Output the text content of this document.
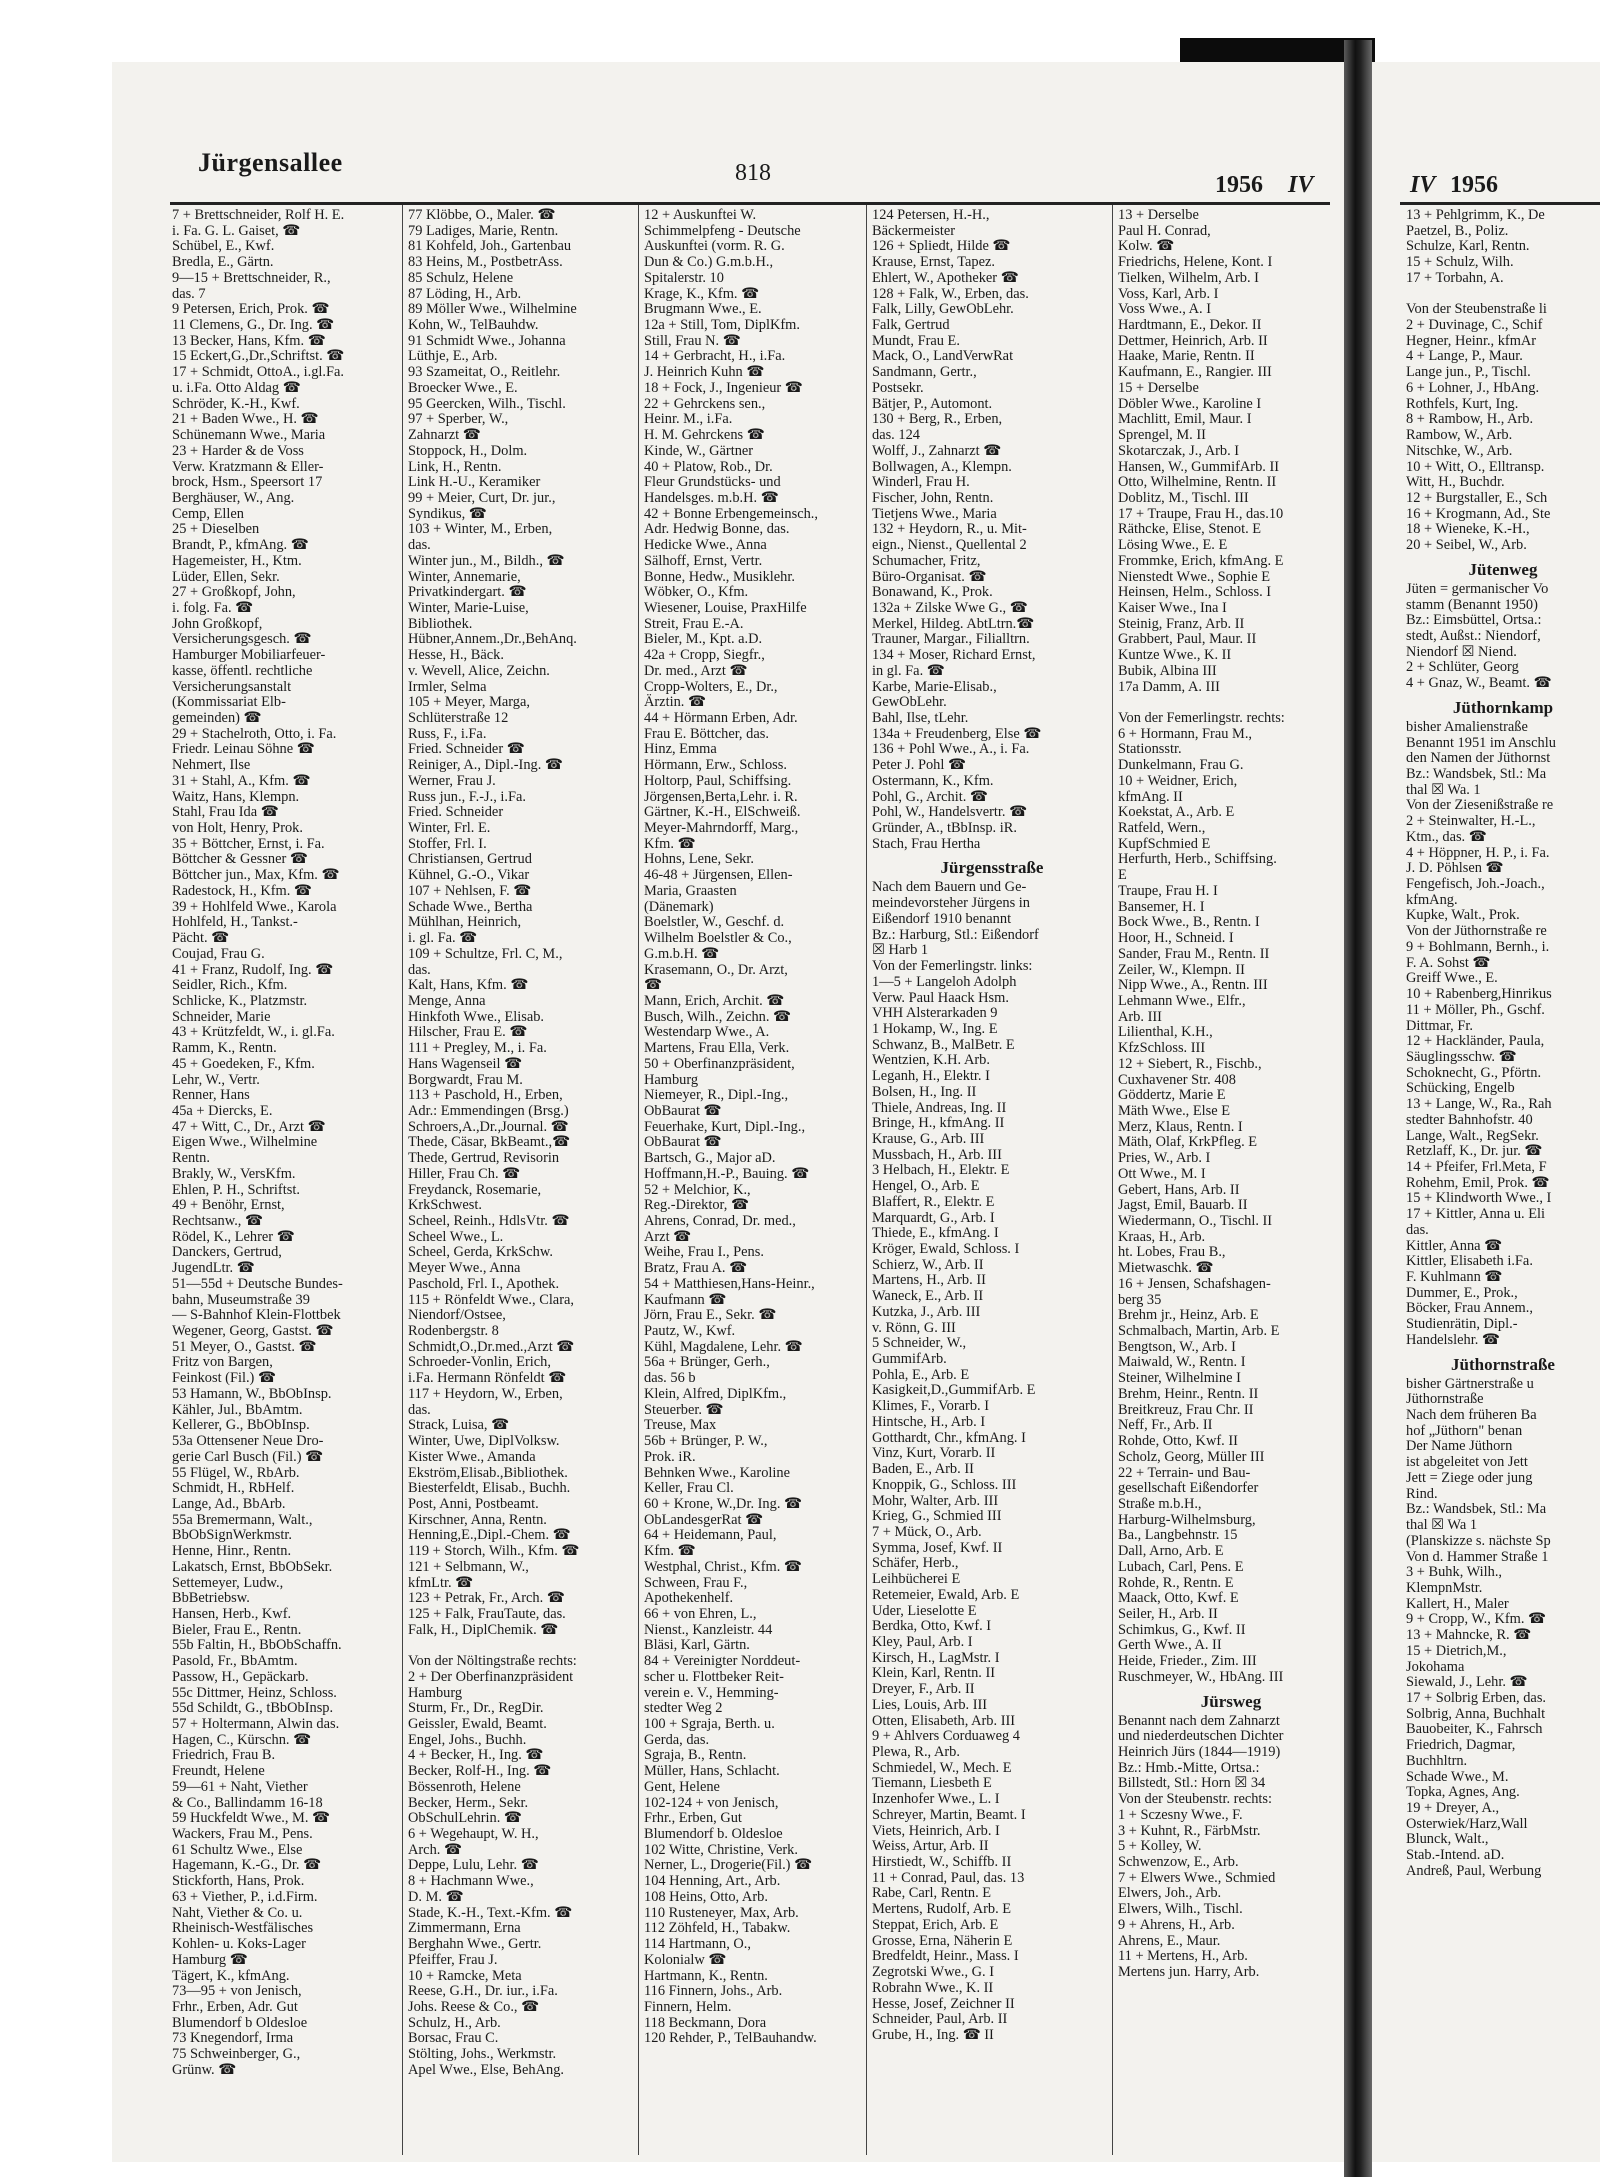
Jürgensallee	818	1956 IV	IV 1956
7 + Brettschneider, Rolf H. E.
i. Fa. G. L. Gaiset, ☎
Schübel, E., Kwf.
Bredla, E., Gärtn.
9—15 + Brettschneider, R.,
das. 7
9 Petersen, Erich, Prok. ☎
11 Clemens, G., Dr. Ing. ☎
13 Becker, Hans, Kfm. ☎
15 Eckert,G.,Dr.,Schriftst. ☎
17 + Schmidt, OttoA., i.gl.Fa.
u. i.Fa. Otto Aldag ☎
Schröder, K.-H., Kwf.
21 + Baden Wwe., H. ☎
Schünemann Wwe., Maria
23 + Harder & de Voss
Verw. Kratzmann & Eller-
brock, Hsm., Speersort 17
Berghäuser, W., Ang.
Cemp, Ellen
25 + Dieselben
Brandt, P., kfmAng. ☎
Hagemeister, H., Ktm.
Lüder, Ellen, Sekr.
27 + Großkopf, John,
i. folg. Fa. ☎
John Großkopf,
Versicherungsgesch. ☎
Hamburger Mobiliarfeuer-
kasse, öffentl. rechtliche
Versicherungsanstalt
(Kommissariat Elb-
gemeinden) ☎
29 + Stachelroth, Otto, i. Fa.
Friedr. Leinau Söhne ☎
Nehmert, Ilse
31 + Stahl, A., Kfm. ☎
Waitz, Hans, Klempn.
Stahl, Frau Ida ☎
von Holt, Henry, Prok.
35 + Böttcher, Ernst, i. Fa.
Böttcher & Gessner ☎
Böttcher jun., Max, Kfm. ☎
Radestock, H., Kfm. ☎
39 + Hohlfeld Wwe., Karola
Hohlfeld, H., Tankst.-
Pächt. ☎
Coujad, Frau G.
41 + Franz, Rudolf, Ing. ☎
Seidler, Rich., Kfm.
Schlicke, K., Platzmstr.
Schneider, Marie
43 + Krützfeldt, W., i. gl.Fa.
Ramm, K., Rentn.
45 + Goedeken, F., Kfm.
Lehr, W., Vertr.
Renner, Hans
45a + Diercks, E.
47 + Witt, C., Dr., Arzt ☎
Eigen Wwe., Wilhelmine
Rentn.
Brakly, W., VersKfm.
Ehlen, P. H., Schriftst.
49 + Benöhr, Ernst,
Rechtsanw., ☎
Rödel, K., Lehrer ☎
Danckers, Gertrud,
JugendLtr. ☎
51—55d + Deutsche Bundes-
bahn, Museumstraße 39
— S-Bahnhof Klein-Flottbek
Wegener, Georg, Gastst. ☎
51 Meyer, O., Gastst. ☎
Fritz von Bargen,
Feinkost (Fil.) ☎
53 Hamann, W., BbObInsp.
Kähler, Jul., BbAmtm.
Kellerer, G., BbObInsp.
53a Ottensener Neue Dro-
gerie Carl Busch (Fil.) ☎
55 Flügel, W., RbArb.
Schmidt, H., RbHelf.
Lange, Ad., BbArb.
55a Bremermann, Walt.,
BbObSignWerkmstr.
Henne, Hinr., Rentn.
Lakatsch, Ernst, BbObSekr.
Settemeyer, Ludw.,
BbBetriebsw.
Hansen, Herb., Kwf.
Bieler, Frau E., Rentn.
55b Faltin, H., BbObSchaffn.
Pasold, Fr., BbAmtm.
Passow, H., Gepäckarb.
55c Dittmer, Heinz, Schloss.
55d Schildt, G., tBbObInsp.
57 + Holtermann, Alwin das.
Hagen, C., Kürschn. ☎
Friedrich, Frau B.
Freundt, Helene
59—61 + Naht, Viether
& Co., Ballindamm 16-18
59 Huckfeldt Wwe., M. ☎
Wackers, Frau M., Pens.
61 Schultz Wwe., Else
Hagemann, K.-G., Dr. ☎
Stickforth, Hans, Prok.
63 + Viether, P., i.d.Firm.
Naht, Viether & Co. u.
Rheinisch-Westfälisches
Kohlen- u. Koks-Lager
Hamburg ☎
Tägert, K., kfmAng.
73—95 + von Jenisch,
Frhr., Erben, Adr. Gut
Blumendorf b Oldesloe
73 Knegendorf, Irma
75 Schweinberger, G.,
Grünw. ☎
77 Klöbbe, O., Maler. ☎
79 Ladiges, Marie, Rentn.
81 Kohfeld, Joh., Gartenbau
83 Heins, M., PostbetrAss.
85 Schulz, Helene
87 Löding, H., Arb.
89 Möller Wwe., Wilhelmine
Kohn, W., TelBauhdw.
91 Schmidt Wwe., Johanna
Lüthje, E., Arb.
93 Szameitat, O., Reitlehr.
Broecker Wwe., E.
95 Geercken, Wilh., Tischl.
97 + Sperber, W.,
Zahnarzt ☎
Stoppock, H., Dolm.
Link, H., Rentn.
Link H.-U., Keramiker
99 + Meier, Curt, Dr. jur.,
Syndikus, ☎
103 + Winter, M., Erben,
das.
Winter jun., M., Bildh., ☎
Winter, Annemarie,
Privatkindergart. ☎
Winter, Marie-Luise,
Bibliothek.
Hübner,Annem.,Dr.,BehAnq.
Hesse, H., Bäck.
v. Wevell, Alice, Zeichn.
Irmler, Selma
105 + Meyer, Marga,
Schlüterstraße 12
Russ, F., i.Fa.
Fried. Schneider ☎
Reiniger, A., Dipl.-Ing. ☎
Werner, Frau J.
Russ jun., F.-J., i.Fa.
Fried. Schneider
Winter, Frl. E.
Stoffer, Frl. I.
Christiansen, Gertrud
Kühnel, G.-O., Vikar
107 + Nehlsen, F. ☎
Schade Wwe., Bertha
Mühlhan, Heinrich,
i. gl. Fa. ☎
109 + Schultze, Frl. C, M.,
das.
Kalt, Hans, Kfm. ☎
Menge, Anna
Hinkfoth Wwe., Elisab.
Hilscher, Frau E. ☎
111 + Pregley, M., i. Fa.
Hans Wagenseil ☎
Borgwardt, Frau M.
113 + Paschold, H., Erben,
Adr.: Emmendingen (Brsg.)
Schroers,A.,Dr.,Journal. ☎
Thede, Cäsar, BkBeamt.,☎
Thede, Gertrud, Revisorin
Hiller, Frau Ch. ☎
Freydanck, Rosemarie,
KrkSchwest.
Scheel, Reinh., HdlsVtr. ☎
Scheel Wwe., L.
Scheel, Gerda, KrkSchw.
Meyer Wwe., Anna
Paschold, Frl. I., Apothek.
115 + Rönfeldt Wwe., Clara,
Niendorf/Ostsee,
Rodenbergstr. 8
Schmidt,O.,Dr.med.,Arzt ☎
Schroeder-Vonlin, Erich,
i.Fa. Hermann Rönfeldt ☎
117 + Heydorn, W., Erben,
das.
Strack, Luisa, ☎
Winter, Uwe, DiplVolksw.
Kister Wwe., Amanda
Ekström,Elisab.,Bibliothek.
Biesterfeldt, Elisab., Buchh.
Post, Anni, Postbeamt.
Kirschner, Anna, Rentn.
Henning,E.,Dipl.-Chem. ☎
119 + Storch, Wilh., Kfm. ☎
121 + Selbmann, W.,
kfmLtr. ☎
123 + Petrak, Fr., Arch. ☎
125 + Falk, FrauTaute, das.
Falk, H., DiplChemik. ☎
Von der Nöltingstraße rechts:
2 + Der Oberfinanzpräsident
Hamburg
Sturm, Fr., Dr., RegDir.
Geissler, Ewald, Beamt.
Engel, Johs., Buchh.
4 + Becker, H., Ing. ☎
Becker, Rolf-H., Ing. ☎
Bössenroth, Helene
Becker, Herm., Sekr.
ObSchulLehrin. ☎
6 + Wegehaupt, W. H.,
Arch. ☎
Deppe, Lulu, Lehr. ☎
8 + Hachmann Wwe.,
D. M. ☎
Stade, K.-H., Text.-Kfm. ☎
Zimmermann, Erna
Berghahn Wwe., Gertr.
Pfeiffer, Frau J.
10 + Ramcke, Meta
Reese, G.H., Dr. iur., i.Fa.
Johs. Reese & Co., ☎
Schulz, H., Arb.
Borsac, Frau C.
Stölting, Johs., Werkmstr.
Apel Wwe., Else, BehAng.
12 + Auskunftei W.
Schimmelpfeng - Deutsche
Auskunftei (vorm. R. G.
Dun & Co.) G.m.b.H.,
Spitalerstr. 10
Krage, K., Kfm. ☎
Brugmann Wwe., E.
12a + Still, Tom, DiplKfm.
Still, Frau N. ☎
14 + Gerbracht, H., i.Fa.
J. Heinrich Kuhn ☎
18 + Fock, J., Ingenieur ☎
22 + Gehrckens sen.,
Heinr. M., i.Fa.
H. M. Gehrckens ☎
Kinde, W., Gärtner
40 + Platow, Rob., Dr.
Fleur Grundstücks- und
Handelsges. m.b.H. ☎
42 + Bonne Erbengemeinsch.,
Adr. Hedwig Bonne, das.
Hedicke Wwe., Anna
Sälhoff, Ernst, Vertr.
Bonne, Hedw., Musiklehr.
Wöbker, O., Kfm.
Wiesener, Louise, PraxHilfe
Streit, Frau E.-A.
Bieler, M., Kpt. a.D.
42a + Cropp, Siegfr.,
Dr. med., Arzt ☎
Cropp-Wolters, E., Dr.,
Ärztin. ☎
44 + Hörmann Erben, Adr.
Frau E. Böttcher, das.
Hinz, Emma
Hörmann, Erw., Schloss.
Holtorp, Paul, Schiffsing.
Jörgensen,Berta,Lehr. i. R.
Gärtner, K.-H., ElSchweiß.
Meyer-Mahrndorff, Marg.,
Kfm. ☎
Hohns, Lene, Sekr.
46-48 + Jürgensen, Ellen-
Maria, Graasten
(Dänemark)
Boelstler, W., Geschf. d.
Wilhelm Boelstler & Co.,
G.m.b.H. ☎
Krasemann, O., Dr. Arzt,
☎
Mann, Erich, Archit. ☎
Busch, Wilh., Zeichn. ☎
Westendarp Wwe., A.
Martens, Frau Ella, Verk.
50 + Oberfinanzpräsident,
Hamburg
Niemeyer, R., Dipl.-Ing.,
ObBaurat ☎
Feuerhake, Kurt, Dipl.-Ing.,
ObBaurat ☎
Bartsch, G., Major aD.
Hoffmann,H.-P., Bauing. ☎
52 + Melchior, K.,
Reg.-Direktor, ☎
Ahrens, Conrad, Dr. med.,
Arzt ☎
Weihe, Frau I., Pens.
Bratz, Frau A. ☎
54 + Matthiesen,Hans-Heinr.,
Kaufmann ☎
Jörn, Frau E., Sekr. ☎
Pautz, W., Kwf.
Kühl, Magdalene, Lehr. ☎
56a + Brünger, Gerh.,
das. 56 b
Klein, Alfred, DiplKfm.,
Steuerber. ☎
Treuse, Max
56b + Brünger, P. W.,
Prok. iR.
Behnken Wwe., Karoline
Keller, Frau Cl.
60 + Krone, W.,Dr. Ing. ☎
ObLandesgerRat ☎
64 + Heidemann, Paul,
Kfm. ☎
Westphal, Christ., Kfm. ☎
Schween, Frau F.,
Apothekenhelf.
66 + von Ehren, L.,
Nienst., Kanzleistr. 44
Bläsi, Karl, Gärtn.
84 + Vereinigter Norddeut-
scher u. Flottbeker Reit-
verein e. V., Hemming-
stedter Weg 2
100 + Sgraja, Berth. u.
Gerda, das.
Sgraja, B., Rentn.
Müller, Hans, Schlacht.
Gent, Helene
102-124 + von Jenisch,
Frhr., Erben, Gut
Blumendorf b. Oldesloe
102 Witte, Christine, Verk.
Nerner, L., Drogerie(Fil.) ☎
104 Henning, Art., Arb.
108 Heins, Otto, Arb.
110 Rusteneyer, Max, Arb.
112 Zöhfeld, H., Tabakw.
114 Hartmann, O.,
Kolonialw ☎
Hartmann, K., Rentn.
116 Finnern, Johs., Arb.
Finnern, Helm.
118 Beckmann, Dora
120 Rehder, P., TelBauhandw.
124 Petersen, H.-H.,
Bäckermeister
126 + Spliedt, Hilde ☎
Krause, Ernst, Tapez.
Ehlert, W., Apotheker ☎
128 + Falk, W., Erben, das.
Falk, Lilly, GewObLehr.
Falk, Gertrud
Mundt, Frau E.
Mack, O., LandVerwRat
Sandmann, Gertr.,
Postsekr.
Bätjer, P., Automont.
130 + Berg, R., Erben,
das. 124
Wolff, J., Zahnarzt ☎
Bollwagen, A., Klempn.
Winderl, Frau H.
Fischer, John, Rentn.
Tietjens Wwe., Maria
132 + Heydorn, R., u. Mit-
eign., Nienst., Quellental 2
Schumacher, Fritz,
Büro-Organisat. ☎
Bonawand, K., Prok.
132a + Zilske Wwe G., ☎
Merkel, Hildeg. AbtLtrn.☎
Trauner, Margar., Filialltrn.
134 + Moser, Richard Ernst,
in gl. Fa. ☎
Karbe, Marie-Elisab.,
GewObLehr.
Bahl, Ilse, tLehr.
134a + Freudenberg, Else ☎
136 + Pohl Wwe., A., i. Fa.
Peter J. Pohl ☎
Ostermann, K., Kfm.
Pohl, G., Archit. ☎
Pohl, W., Handelsvertr. ☎
Gründer, A., tBbInsp. iR.
Stach, Frau Hertha
Jürgensstraße
Nach dem Bauern und Ge-
meindevorsteher Jürgens in
Eißendorf 1910 benannt
Bz.: Harburg, Stl.: Eißendorf
☒ Harb 1
Von der Femerlingstr. links:
1—5 + Langeloh Adolph
Verw. Paul Haack Hsm.
VHH Alsterarkaden 9
1 Hokamp, W., Ing. E
Schwanz, B., MalBetr. E
Wentzien, K.H. Arb.
Leganh, H., Elektr. I
Bolsen, H., Ing. II
Thiele, Andreas, Ing. II
Bringe, H., kfmAng. II
Krause, G., Arb. III
Mussbach, H., Arb. III
3 Helbach, H., Elektr. E
Hengel, O., Arb. E
Blaffert, R., Elektr. E
Marquardt, G., Arb. I
Thiede, E., kfmAng. I
Kröger, Ewald, Schloss. I
Schierz, W., Arb. II
Martens, H., Arb. II
Waneck, E., Arb. II
Kutzka, J., Arb. III
v. Rönn, G. III
5 Schneider, W.,
GummifArb.
Pohla, E., Arb. E
Kasigkeit,D.,GummifArb. E
Klimes, F., Vorarb. I
Hintsche, H., Arb. I
Gotthardt, Chr., kfmAng. I
Vinz, Kurt, Vorarb. II
Baden, E., Arb. II
Knoppik, G., Schloss. III
Mohr, Walter, Arb. III
Krieg, G., Schmied III
7 + Mück, O., Arb.
Symma, Josef, Kwf. II
Schäfer, Herb.,
Leihbücherei E
Retemeier, Ewald, Arb. E
Uder, Lieselotte E
Berdka, Otto, Kwf. I
Kley, Paul, Arb. I
Kirsch, H., LagMstr. I
Klein, Karl, Rentn. II
Dreyer, F., Arb. II
Lies, Louis, Arb. III
Otten, Elisabeth, Arb. III
9 + Ahlvers Corduaweg 4
Plewa, R., Arb.
Schmiedel, W., Mech. E
Tiemann, Liesbeth E
Inzenhofer Wwe., L. I
Schreyer, Martin, Beamt. I
Viets, Heinrich, Arb. I
Weiss, Artur, Arb. II
Hirstiedt, W., Schiffb. II
11 + Conrad, Paul, das. 13
Rabe, Carl, Rentn. E
Mertens, Rudolf, Arb. E
Steppat, Erich, Arb. E
Grosse, Erna, Näherin E
Bredfeldt, Heinr., Mass. I
Zegrotski Wwe., G. I
Robrahn Wwe., K. II
Hesse, Josef, Zeichner II
Schneider, Paul, Arb. II
Grube, H., Ing. ☎ II
13 + Derselbe
Paul H. Conrad,
Kolw. ☎
Friedrichs, Helene, Kont. I
Tielken, Wilhelm, Arb. I
Voss, Karl, Arb. I
Voss Wwe., A. I
Hardtmann, E., Dekor. II
Dettmer, Heinrich, Arb. II
Haake, Marie, Rentn. II
Kaufmann, E., Rangier. III
15 + Derselbe
Döbler Wwe., Karoline I
Machlitt, Emil, Maur. I
Sprengel, M. II
Skotarczak, J., Arb. I
Hansen, W., GummifArb. II
Otto, Wilhelmine, Rentn. II
Doblitz, M., Tischl. III
17 + Traupe, Frau H., das.10
Räthcke, Elise, Stenot. E
Lösing Wwe., E. E
Frommke, Erich, kfmAng. E
Nienstedt Wwe., Sophie E
Heinsen, Helm., Schloss. I
Kaiser Wwe., Ina I
Steinig, Franz, Arb. II
Grabbert, Paul, Maur. II
Kuntze Wwe., K. II
Bubik, Albina III
17a Damm, A. III
Von der Femerlingstr. rechts:
6 + Hormann, Frau M.,
Stationsstr.
Dunkelmann, Frau G.
10 + Weidner, Erich,
kfmAng. II
Koekstat, A., Arb. E
Ratfeld, Wern.,
KupfSchmied E
Herfurth, Herb., Schiffsing.
E
Traupe, Frau H. I
Bansemer, H. I
Bock Wwe., B., Rentn. I
Hoor, H., Schneid. I
Sander, Frau M., Rentn. II
Zeiler, W., Klempn. II
Nipp Wwe., A., Rentn. III
Lehmann Wwe., Elfr.,
Arb. III
Lilienthal, K.H.,
KfzSchloss. III
12 + Siebert, R., Fischb.,
Cuxhavener Str. 408
Göddertz, Marie E
Mäth Wwe., Else E
Merz, Klaus, Rentn. I
Mäth, Olaf, KrkPfleg. E
Pries, W., Arb. I
Ott Wwe., M. I
Gebert, Hans, Arb. II
Jagst, Emil, Bauarb. II
Wiedermann, O., Tischl. II
Kraas, H., Arb.
ht. Lobes, Frau B.,
Mietwaschk. ☎
16 + Jensen, Schafshagen-
berg 35
Brehm jr., Heinz, Arb. E
Schmalbach, Martin, Arb. E
Bengtson, W., Arb. I
Maiwald, W., Rentn. I
Steiner, Wilhelmine I
Brehm, Heinr., Rentn. II
Breitkreuz, Frau Chr. II
Neff, Fr., Arb. II
Rohde, Otto, Kwf. II
Scholz, Georg, Müller III
22 + Terrain- und Bau-
gesellschaft Eißendorfer
Straße m.b.H.,
Harburg-Wilhelmsburg,
Ba., Langbehnstr. 15
Dall, Arno, Arb. E
Lubach, Carl, Pens. E
Rohde, R., Rentn. E
Maack, Otto, Kwf. E
Seiler, H., Arb. II
Schimkus, G., Kwf. II
Gerth Wwe., A. II
Heide, Frieder., Zim. III
Ruschmeyer, W., HbAng. III
Jürsweg
Benannt nach dem Zahnarzt
und niederdeutschen Dichter
Heinrich Jürs (1844—1919)
Bz.: Hmb.-Mitte, Ortsa.:
Billstedt, Stl.: Horn ☒ 34
Von der Steubenstr. rechts:
1 + Sczesny Wwe., F.
3 + Kuhnt, R., FärbMstr.
5 + Kolley, W.
Schwenzow, E., Arb.
7 + Elwers Wwe., Schmied
Elwers, Joh., Arb.
Elwers, Wilh., Tischl.
9 + Ahrens, H., Arb.
Ahrens, E., Maur.
11 + Mertens, H., Arb.
Mertens jun. Harry, Arb.
13 + Pehlgrimm, K., De
Paetzel, B., Poliz.
Schulze, Karl, Rentn.
15 + Schulz, Wilh.
17 + Torbahn, A.
Von der Steubenstraße li
2 + Duvinage, C., Schif
Hegner, Heinr., kfmAr
4 + Lange, P., Maur.
Lange jun., P., Tischl.
6 + Lohner, J., HbAng.
Rothfels, Kurt, Ing.
8 + Rambow, H., Arb.
Rambow, W., Arb.
Nitschke, W., Arb.
10 + Witt, O., Elltransp.
Witt, H., Buchdr.
12 + Burgstaller, E., Sch
16 + Krogmann, Ad., Ste
18 + Wieneke, K.-H.,
20 + Seibel, W., Arb.
Jütenweg
Jüten = germanischer Vo
stamm (Benannt 1950)
Bz.: Eimsbüttel, Ortsa.:
stedt, Außst.: Niendorf,
Niendorf ☒ Niend.
2 + Schlüter, Georg
4 + Gnaz, W., Beamt. ☎
Jüthornkamp
bisher Amalienstraße
Benannt 1951 im Anschlu
den Namen der Jüthornst
Bz.: Wandsbek, Stl.: Ma
thal ☒ Wa. 1
Von der Ziesenißstraße re
2 + Steinwalter, H.-L.,
Ktm., das. ☎
4 + Höppner, H. P., i. Fa.
J. D. Pöhlsen ☎
Fengefisch, Joh.-Joach.,
kfmAng.
Kupke, Walt., Prok.
Von der Jüthornstraße re
9 + Bohlmann, Bernh., i.
F. A. Sohst ☎
Greiff Wwe., E.
10 + Rabenberg,Hinrikus
11 + Möller, Ph., Gschf.
Dittmar, Fr.
12 + Hackländer, Paula,
Säuglingsschw. ☎
Schoknecht, G., Pförtn.
Schücking, Engelb
13 + Lange, W., Ra., Rah
stedter Bahnhofstr. 40
Lange, Walt., RegSekr.
Retzlaff, K., Dr. jur. ☎
14 + Pfeifer, Frl.Meta, F
Rohehm, Emil, Prok. ☎
15 + Klindworth Wwe., I
17 + Kittler, Anna u. Eli
das.
Kittler, Anna ☎
Kittler, Elisabeth i.Fa.
F. Kuhlmann ☎
Dummer, E., Prok.,
Böcker, Frau Annem.,
Studienrätin, Dipl.-
Handelslehr. ☎
Jüthornstraße
bisher Gärtnerstraße u
Jüthornstraße
Nach dem früheren Ba
hof „Jüthorn" benan
Der Name Jüthorn
ist abgeleitet von Jett
Jett = Ziege oder jung
Rind.
Bz.: Wandsbek, Stl.: Ma
thal ☒ Wa 1
(Planskizze s. nächste Sp
Von d. Hammer Straße 1
3 + Buhk, Wilh.,
KlempnMstr.
Kallert, H., Maler
9 + Cropp, W., Kfm. ☎
13 + Mahncke, R. ☎
15 + Dietrich,M.,
Jokohama
Siewald, J., Lehr. ☎
17 + Solbrig Erben, das.
Solbrig, Anna, Buchhalt
Bauobeiter, K., Fahrsch
Friedrich, Dagmar,
Buchhltrn.
Schade Wwe., M.
Topka, Agnes, Ang.
19 + Dreyer, A.,
Osterwiek/Harz,Wall
Blunck, Walt.,
Stab.-Intend. aD.
Andreß, Paul, Werbung
